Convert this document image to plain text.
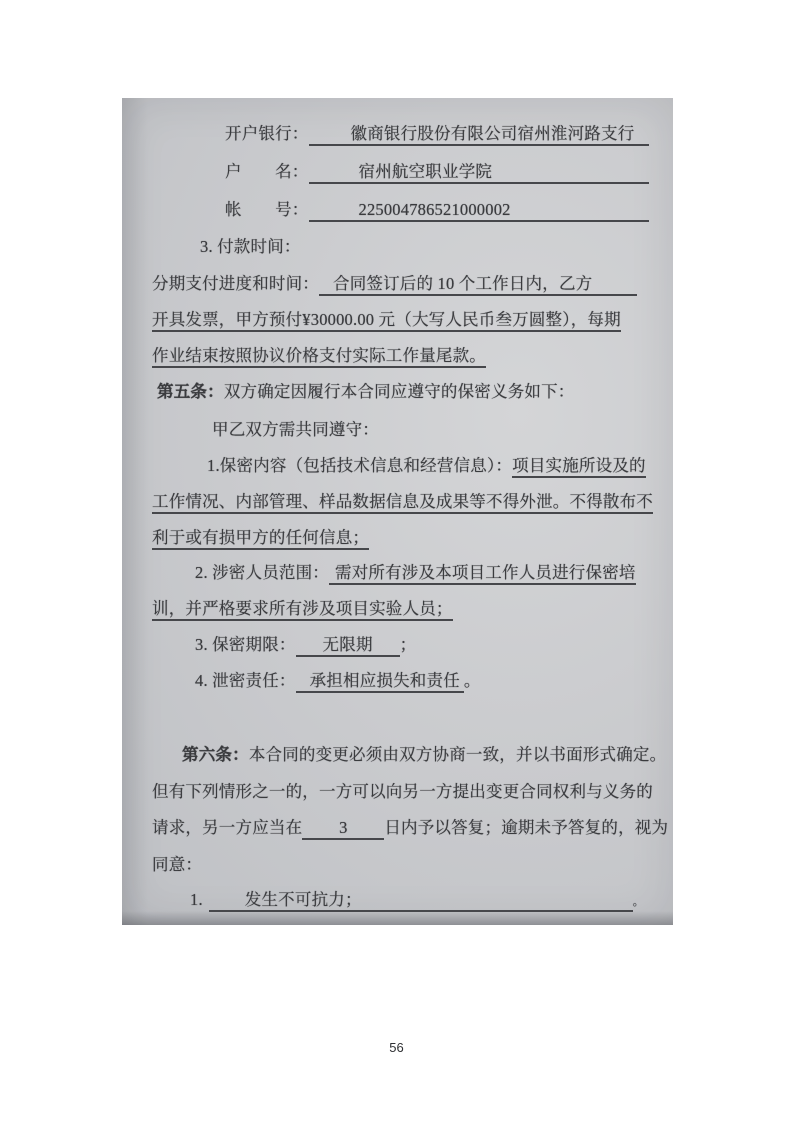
开户银行：	徽商银行股份有限公司宿州淮河路支行
户　　名：	宿州航空职业学院
帐　　号：	225004786521000002
3. 付款时间：
分期支付进度和时间： 合同签订后的 10 个工作日内，乙方
开具发票，甲方预付¥30000.00 元（大写人民币叁万圆整），每期
作业结束按照协议价格支付实际工作量尾款。
第五条：双方确定因履行本合同应遵守的保密义务如下：
甲乙双方需共同遵守：
1.保密内容（包括技术信息和经营信息）：项目实施所设及的
工作情况、内部管理、样品数据信息及成果等不得外泄。不得散布不
利于或有损甲方的任何信息；
2. 涉密人员范围： 需对所有涉及本项目工作人员进行保密培
训，并严格要求所有涉及项目实验人员；
3. 保密期限： 无限期 ；
4. 泄密责任： 承担相应损失和责任 。
第六条：本合同的变更必须由双方协商一致，并以书面形式确定。
但有下列情形之一的，一方可以向另一方提出变更合同权利与义务的
请求，另一方应当在 3 日内予以答复；逾期未予答复的，视为
同意：
1.	发生不可抗力；	。
56
